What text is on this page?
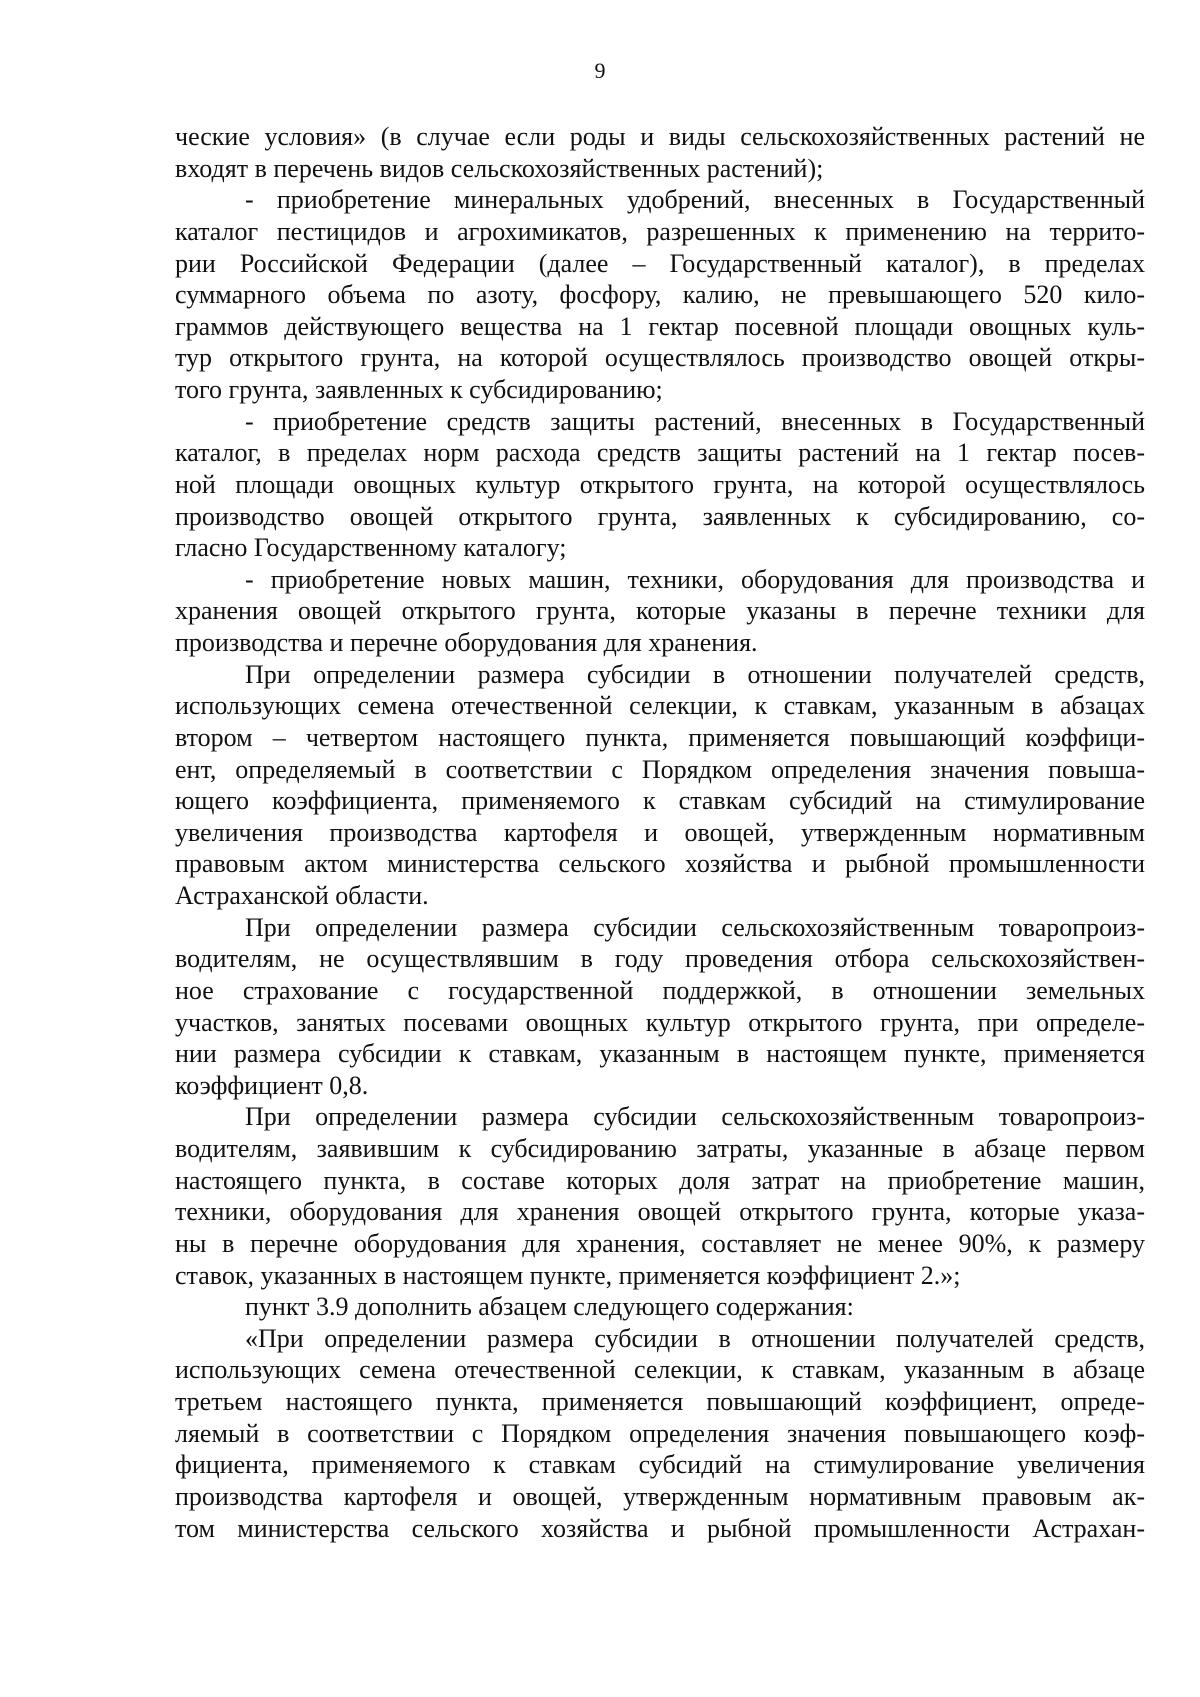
9
ческие условия» (в случае если роды и виды сельскохозяйственных растений не
входят в перечень видов сельскохозяйственных растений);
- приобретение минеральных удобрений, внесенных в Государственный
каталог пестицидов и агрохимикатов, разрешенных к применению на террито-
рии Российской Федерации (далее – Государственный каталог), в пределах
суммарного объема по азоту, фосфору, калию, не превышающего 520 кило-
граммов действующего вещества на 1 гектар посевной площади овощных куль-
тур открытого грунта, на которой осуществлялось производство овощей откры-
того грунта, заявленных к субсидированию;
- приобретение средств защиты растений, внесенных в Государственный
каталог, в пределах норм расхода средств защиты растений на 1 гектар посев-
ной площади овощных культур открытого грунта, на которой осуществлялось
производство овощей открытого грунта, заявленных к субсидированию, со-
гласно Государственному каталогу;
- приобретение новых машин, техники, оборудования для производства и
хранения овощей открытого грунта, которые указаны в перечне техники для
производства и перечне оборудования для хранения.
При определении размера субсидии в отношении получателей средств,
использующих семена отечественной селекции, к ставкам, указанным в абзацах
втором – четвертом настоящего пункта, применяется повышающий коэффици-
ент, определяемый в соответствии с Порядком определения значения повыша-
ющего коэффициента, применяемого к ставкам субсидий на стимулирование
увеличения производства картофеля и овощей, утвержденным нормативным
правовым актом министерства сельского хозяйства и рыбной промышленности
Астраханской области.
При определении размера субсидии сельскохозяйственным товаропроиз-
водителям, не осуществлявшим в году проведения отбора сельскохозяйствен-
ное страхование с государственной поддержкой, в отношении земельных
участков, занятых посевами овощных культур открытого грунта, при определе-
нии размера субсидии к ставкам, указанным в настоящем пункте, применяется
коэффициент 0,8.
При определении размера субсидии сельскохозяйственным товаропроиз-
водителям, заявившим к субсидированию затраты, указанные в абзаце первом
настоящего пункта, в составе которых доля затрат на приобретение машин,
техники, оборудования для хранения овощей открытого грунта, которые указа-
ны в перечне оборудования для хранения, составляет не менее 90%, к размеру
ставок, указанных в настоящем пункте, применяется коэффициент 2.»;
пункт 3.9 дополнить абзацем следующего содержания:
«При определении размера субсидии в отношении получателей средств,
использующих семена отечественной селекции, к ставкам, указанным в абзаце
третьем настоящего пункта, применяется повышающий коэффициент, опреде-
ляемый в соответствии с Порядком определения значения повышающего коэф-
фициента, применяемого к ставкам субсидий на стимулирование увеличения
производства картофеля и овощей, утвержденным нормативным правовым ак-
том министерства сельского хозяйства и рыбной промышленности Астрахан-
